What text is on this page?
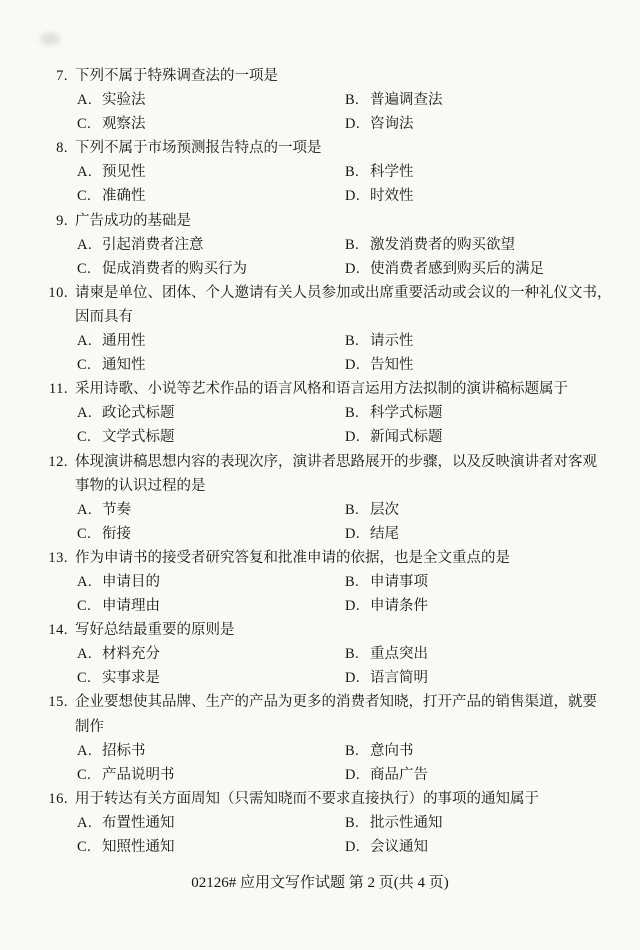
7. 下列不属于特殊调查法的一项是
A. 实验法	B. 普遍调查法
C. 观察法	D. 咨询法
8. 下列不属于市场预测报告特点的一项是
A. 预见性	B. 科学性
C. 准确性	D. 时效性
9. 广告成功的基础是
A. 引起消费者注意	B. 激发消费者的购买欲望
C. 促成消费者的购买行为	D. 使消费者感到购买后的满足
10. 请柬是单位、团体、个人邀请有关人员参加或出席重要活动或会议的一种礼仪文书，
因而具有
A. 通用性	B. 请示性
C. 通知性	D. 告知性
11. 采用诗歌、小说等艺术作品的语言风格和语言运用方法拟制的演讲稿标题属于
A. 政论式标题	B. 科学式标题
C. 文学式标题	D. 新闻式标题
12. 体现演讲稿思想内容的表现次序，演讲者思路展开的步骤，以及反映演讲者对客观
事物的认识过程的是
A. 节奏	B. 层次
C. 衔接	D. 结尾
13. 作为申请书的接受者研究答复和批准申请的依据，也是全文重点的是
A. 申请目的	B. 申请事项
C. 申请理由	D. 申请条件
14. 写好总结最重要的原则是
A. 材料充分	B. 重点突出
C. 实事求是	D. 语言简明
15. 企业要想使其品牌、生产的产品为更多的消费者知晓，打开产品的销售渠道，就要
制作
A. 招标书	B. 意向书
C. 产品说明书	D. 商品广告
16. 用于转达有关方面周知（只需知晓而不要求直接执行）的事项的通知属于
A. 布置性通知	B. 批示性通知
C. 知照性通知	D. 会议通知
02126# 应用文写作试题 第 2 页(共 4 页)
